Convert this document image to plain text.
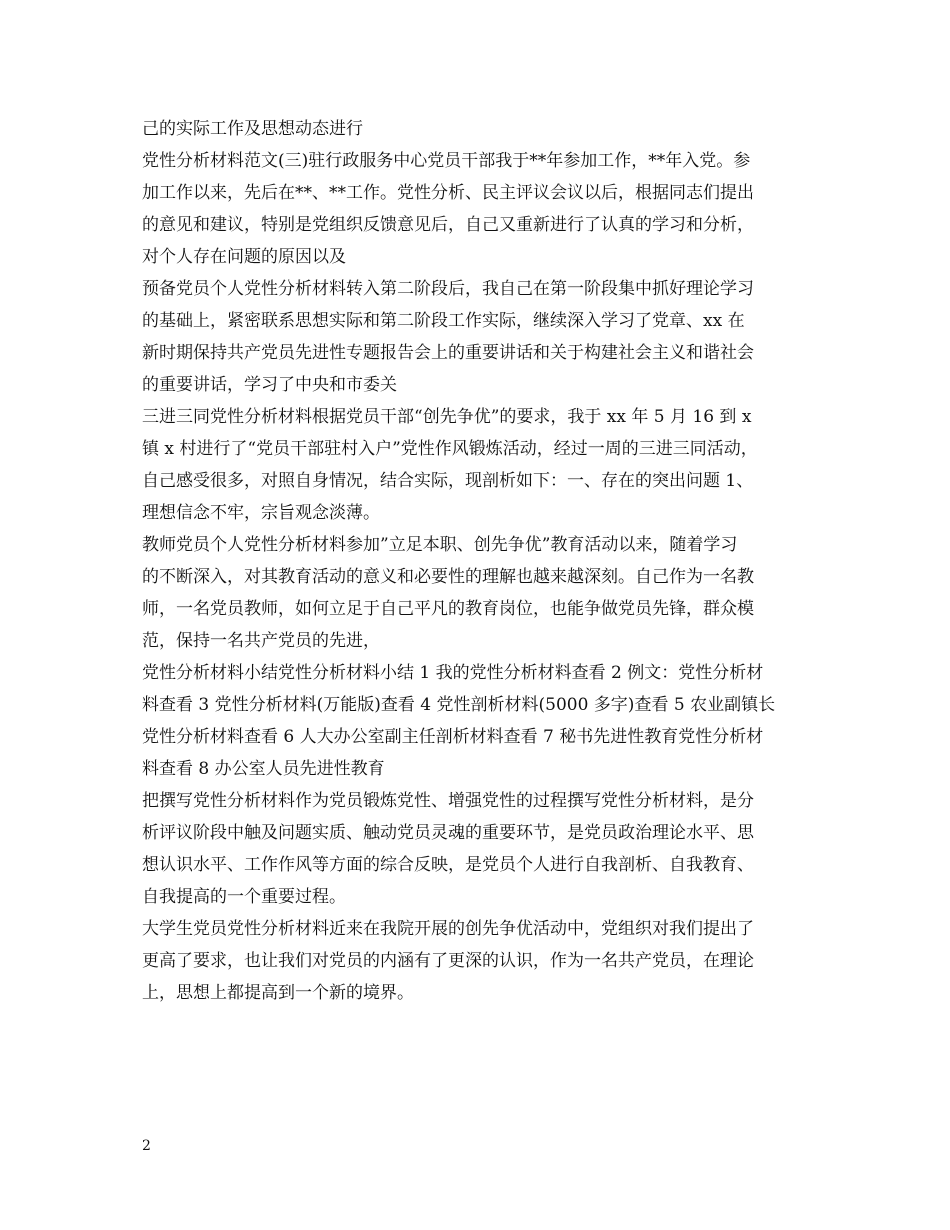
己的实际工作及思想动态进行
党性分析材料范文(三)驻行政服务中心党员干部我于**年参加工作，**年入党。参
加工作以来，先后在**、**工作。党性分析、民主评议会议以后，根据同志们提出
的意见和建议，特别是党组织反馈意见后，自己又重新进行了认真的学习和分析，
对个人存在问题的原因以及
预备党员个人党性分析材料转入第二阶段后，我自己在第一阶段集中抓好理论学习
的基础上，紧密联系思想实际和第二阶段工作实际，继续深入学习了党章、xx 在
新时期保持共产党员先进性专题报告会上的重要讲话和关于构建社会主义和谐社会
的重要讲话，学习了中央和市委关
三进三同党性分析材料根据党员干部“创先争优”的要求，我于 xx 年 5 月 16 到 x
镇 x 村进行了“党员干部驻村入户”党性作风锻炼活动，经过一周的三进三同活动，
自己感受很多，对照自身情况，结合实际，现剖析如下：一、存在的突出问题 1、
理想信念不牢，宗旨观念淡薄。
教师党员个人党性分析材料参加”立足本职、创先争优”教育活动以来，随着学习
的不断深入，对其教育活动的意义和必要性的理解也越来越深刻。自己作为一名教
师，一名党员教师，如何立足于自己平凡的教育岗位，也能争做党员先锋，群众模
范，保持一名共产党员的先进，
党性分析材料小结党性分析材料小结 1 我的党性分析材料查看 2 例文：党性分析材
料查看 3 党性分析材料(万能版)查看 4 党性剖析材料(5000 多字)查看 5 农业副镇长
党性分析材料查看 6 人大办公室副主任剖析材料查看 7 秘书先进性教育党性分析材
料查看 8 办公室人员先进性教育
把撰写党性分析材料作为党员锻炼党性、增强党性的过程撰写党性分析材料，是分
析评议阶段中触及问题实质、触动党员灵魂的重要环节，是党员政治理论水平、思
想认识水平、工作作风等方面的综合反映，是党员个人进行自我剖析、自我教育、
自我提高的一个重要过程。
大学生党员党性分析材料近来在我院开展的创先争优活动中，党组织对我们提出了
更高了要求，也让我们对党员的内涵有了更深的认识，作为一名共产党员，在理论
上，思想上都提高到一个新的境界。
2
